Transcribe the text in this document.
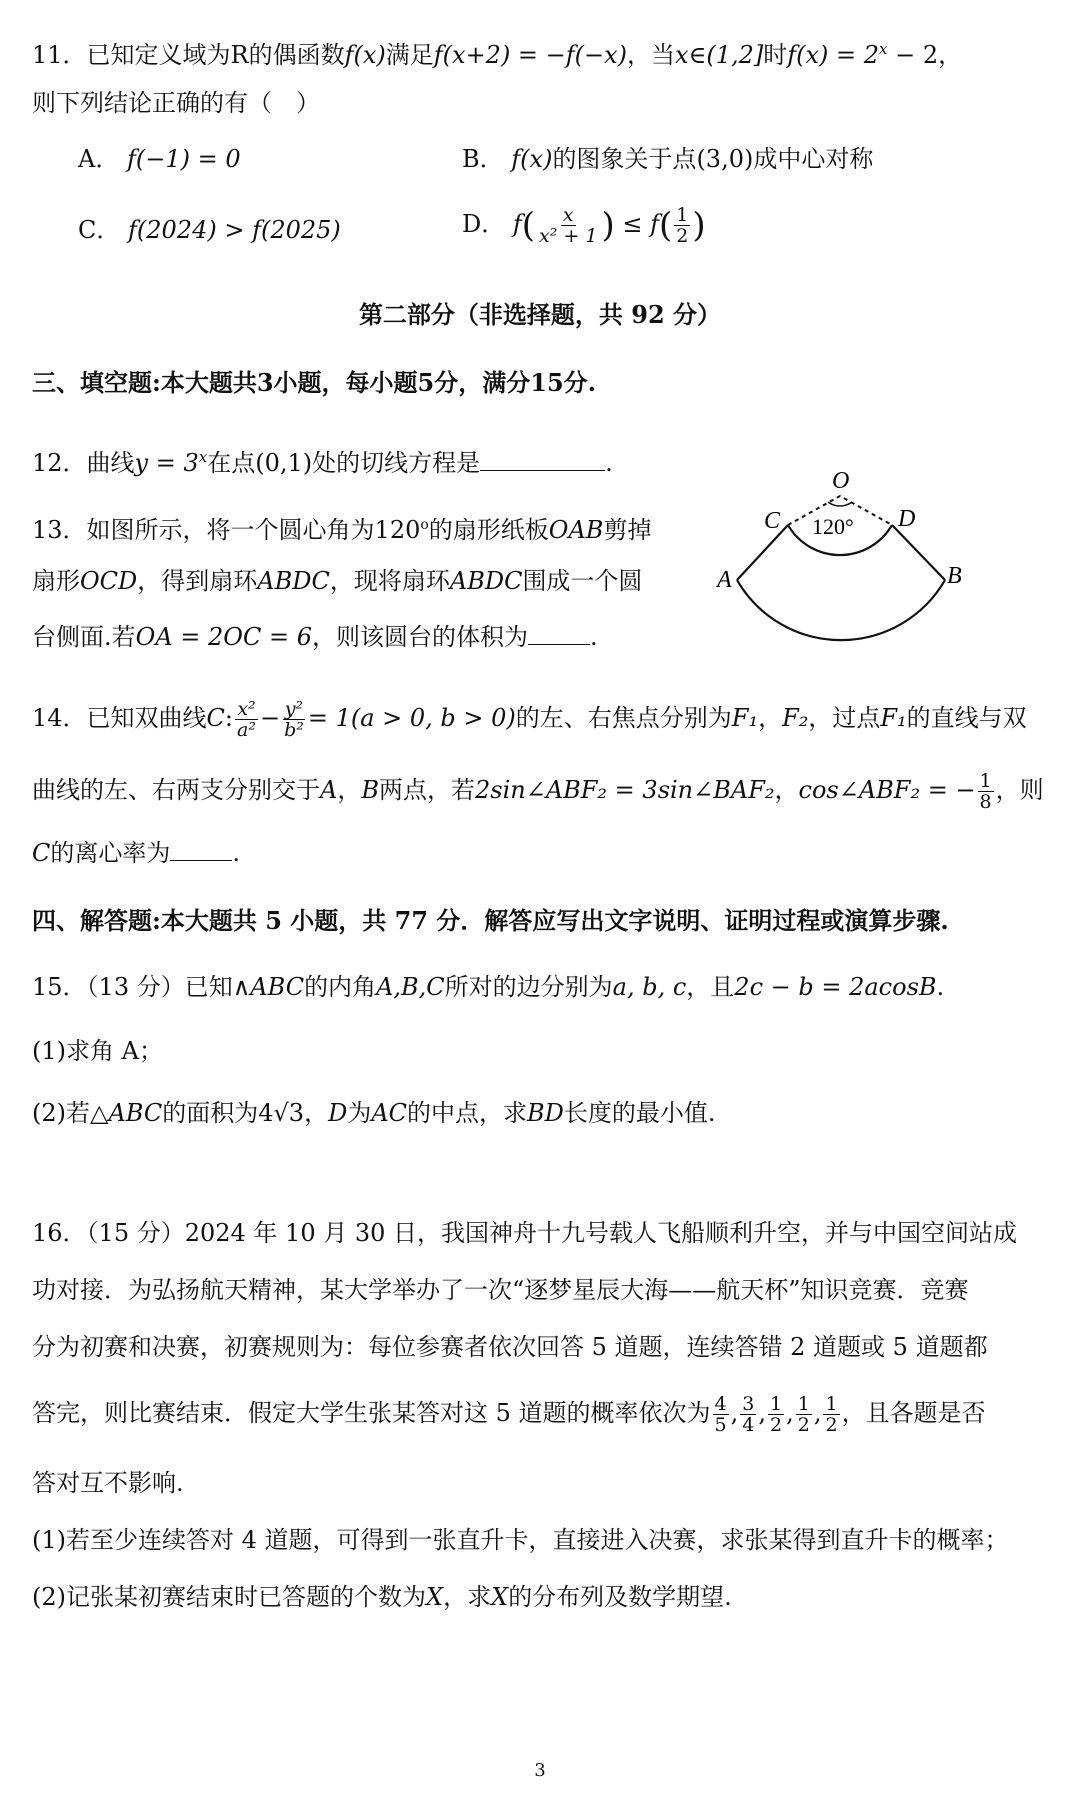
11．已知定义域为R的偶函数f(x)满足f(x+2) = −f(−x)，当x∈(1,2]时$f(x) = 2^x - 2$，
则下列结论正确的有（　）
A． f(−1) = 0	B． f(x)的图象关于点(3,0)成中心对称
C． f(2024) > f(2025)	D． $f( \frac{x}{\text{x² + 1}}$ ) ≤ $f( \frac{1}{2}$ )
第二部分（非选择题，共 92 分）
三、填空题:本大题共3小题，每小题5分，满分15分.
12．曲线$y = 3^x$在点(0,1)处的切线方程是	.
13．如图所示，将一个圆心角为120$^o$的扇形纸板OAB剪掉
扇形OCD，得到扇环ABDC，现将扇环ABDC围成一个圆
台侧面.若OA = 2OC = 6，则该圆台的体积为	.
O
C	D
A	B
120°
14．已知双曲线C: $\frac{\text{x²}}{\text{a²}} - \frac{\text{y²}}{\text{b²}} = 1(a > 0$, b > 0)的左、右焦点分别为F₁，F₂，过点F₁的直线与双
曲线的左、右两支分别交于A，B两点，若2sin∠ABF₂ = 3sin∠BAF₂，cos∠ABF₂ = − $\frac{1}{8}$ ，则
C的离心率为	.
四、解答题:本大题共 5 小题，共 77 分．解答应写出文字说明、证明过程或演算步骤.
15．（13 分）已知∧ABC的内角A,B,C所对的边分别为a, b, c，且2c − b = 2acosB.
(1)求角 A；
(2)若△ABC的面积为4√3，D为AC的中点，求BD长度的最小值.
16．（15 分）2024 年 10 月 30 日，我国神舟十九号载人飞船顺利升空，并与中国空间站成
功对接．为弘扬航天精神，某大学举办了一次“逐梦星辰大海——航天杯”知识竞赛．竞赛
分为初赛和决赛，初赛规则为：每位参赛者依次回答 5 道题，连续答错 2 道题或 5 道题都
答完，则比赛结束．假定大学生张某答对这 5 道题的概率依次为 $\frac{4}{5}$ , $\frac{3}{4}$ , $\frac{1}{2}$ , $\frac{1}{2}$ , $\frac{1}{2}$ ，且各题是否
答对互不影响.
(1)若至少连续答对 4 道题，可得到一张直升卡，直接进入决赛，求张某得到直升卡的概率；
(2)记张某初赛结束时已答题的个数为X，求X的分布列及数学期望.
3
